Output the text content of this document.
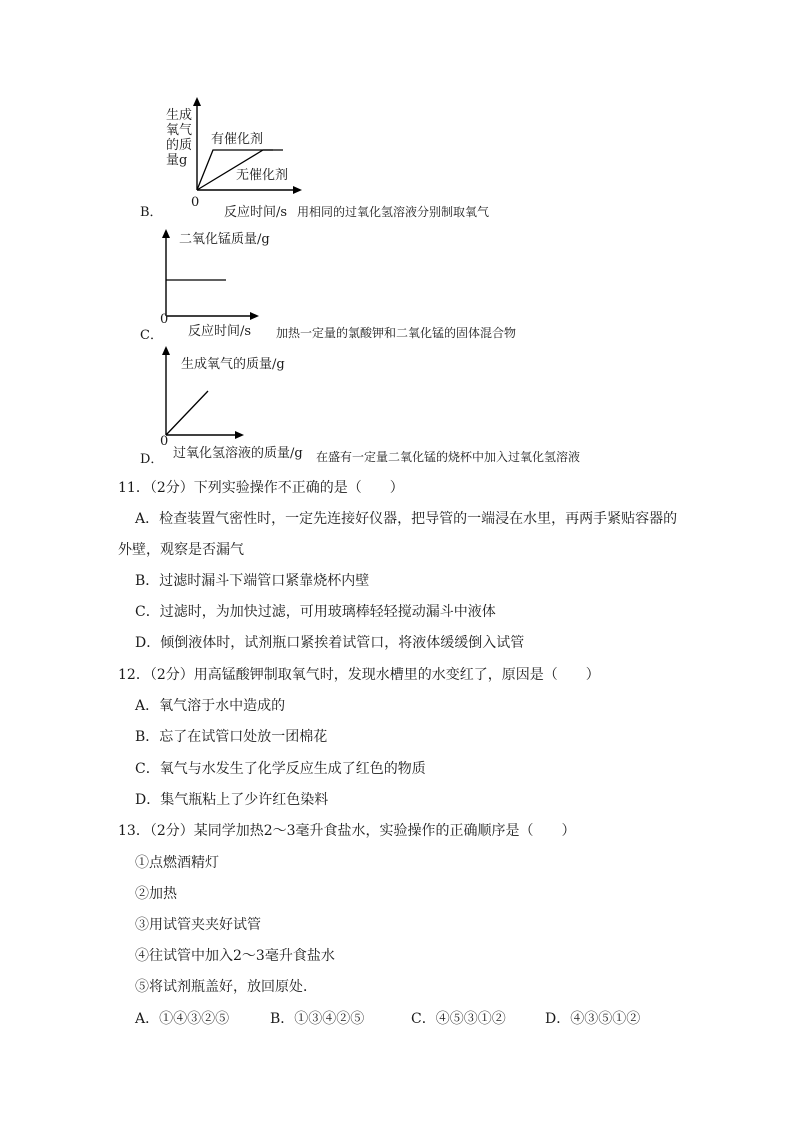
B．
生成
氧气
的质
量g
有催化剂
无催化剂
0
反应时间/s 用相同的过氧化氢溶液分别制取氧气
C．
二氧化锰质量/g
0
反应时间/s 加热一定量的氯酸钾和二氧化锰的固体混合物
D．
生成氧气的质量/g
0
过氧化氢溶液的质量/g 在盛有一定量二氧化锰的烧杯中加入过氧化氢溶液
11．（2分）下列实验操作不正确的是（　　）
A．检查装置气密性时，一定先连接好仪器，把导管的一端浸在水里，再两手紧贴容器的
外壁，观察是否漏气
B．过滤时漏斗下端管口紧靠烧杯内壁
C．过滤时，为加快过滤，可用玻璃棒轻轻搅动漏斗中液体
D．倾倒液体时，试剂瓶口紧挨着试管口，将液体缓缓倒入试管
12．（2分）用高锰酸钾制取氧气时，发现水槽里的水变红了，原因是（　　）
A．氧气溶于水中造成的
B．忘了在试管口处放一团棉花
C．氧气与水发生了化学反应生成了红色的物质
D．集气瓶粘上了少许红色染料
13．（2分）某同学加热2～3毫升食盐水，实验操作的正确顺序是（　　）
①点燃酒精灯
②加热
③用试管夹夹好试管
④往试管中加入2～3毫升食盐水
⑤将试剂瓶盖好，放回原处．
A．①④③②⑤	B．①③④②⑤	C．④⑤③①②	D．④③⑤①②
